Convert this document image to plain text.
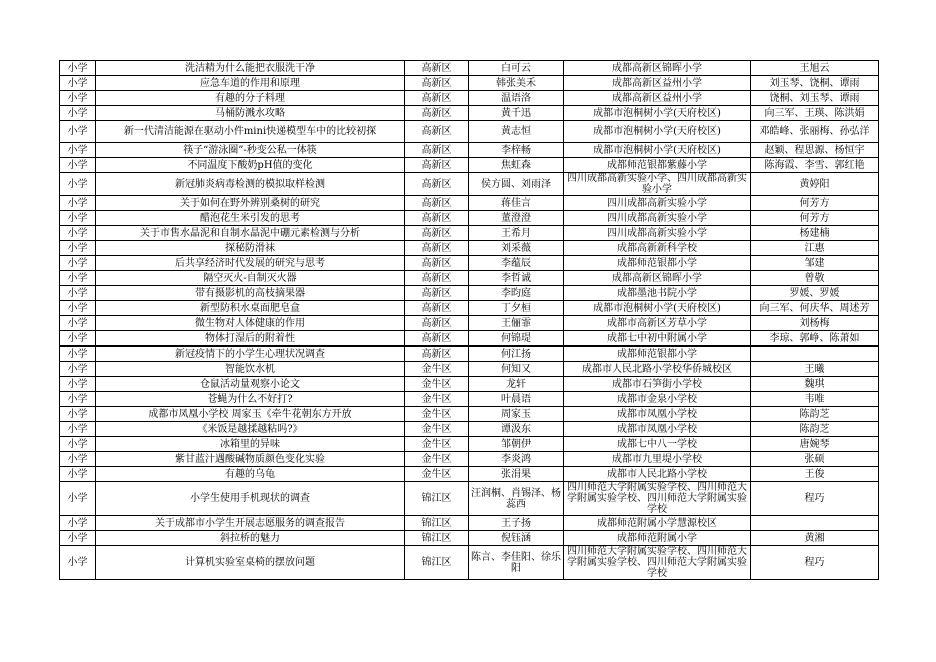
小学	洗洁精为什么能把衣服洗干净	高新区	白可云	成都高新区锦晖小学	王旭云
小学	应急车道的作用和原理	高新区	韩张美禾	成都高新区益州小学	刘玉琴、饶桐、谭雨
小学	有趣的分子料理	高新区	温语洛	成都高新区益州小学	饶桐、刘玉琴、谭雨
小学	马桶防溅水攻略	高新区	黄千迅	成都市泡桐树小学(天府校区)	向三军、王瑛、陈洪娟
小学	新一代清洁能源在驱动小件mini快递模型车中的比较初探	高新区	黄志恒	成都市泡桐树小学(天府校区)	邓皓峰、张丽梅、孙弘洋
小学	筷子“游泳圈”-秒变公私一体筷	高新区	李梓畅	成都市泡桐树小学(天府校区)	赵颖、程思源、杨恒宇
小学	不同温度下酸奶pH值的变化	高新区	焦虹森	成都师范银都紫藤小学	陈海霞、李雪、郭红艳
小学	新冠肺炎病毒检测的模拟取样检测	高新区	侯方圆、刘雨泽	四川成都高新实验小学、四川成都高新实验小学	黄婷阳
小学	关于如何在野外辨别桑树的研究	高新区	蒋佳言	四川成都高新实验小学	何芳方
小学	醋泡花生米引发的思考	高新区	董澄澄	四川成都高新实验小学	何芳方
小学	关于市售水晶泥和自制水晶泥中硼元素检测与分析	高新区	王希月	四川成都高新实验小学	杨建楠
小学	探秘防滑袜	高新区	刘采薇	成都高新新科学校	江惠
小学	后共享经济时代发展的研究与思考	高新区	李蕴辰	成都师范银都小学	邹建
小学	隔空灭火-自制灭火器	高新区	李哲诚	成都高新区锦晖小学	曾敬
小学	带有摄影机的高枝摘果器	高新区	李昀庭	成都墨池书院小学	罗媛、罗媛
小学	新型防积水桌面肥皂盒	高新区	丁夕桓	成都市泡桐树小学(天府校区)	向三军、何庆华、周述芳
小学	微生物对人体健康的作用	高新区	王俪霏	成都市高新区芳草小学	刘杨梅
小学	物体打湿后的附着性	高新区	何锦瑅	成都七中初中附属小学	李琼、郭峥、陈萧如
小学	新冠疫情下的小学生心理状况调查	高新区	何江扬	成都师范银都小学	
小学	智能饮水机	金牛区	何知又	成都市人民北路小学校华侨城校区	王曦
小学	仓鼠活动量观察小论文	金牛区	龙轩	成都市石笋街小学校	魏琪
小学	苍蝇为什么不好打?	金牛区	叶晨语	成都市金泉小学校	韦唯
小学	成都市凤凰小学校 周家玉《牵牛花朝东方开放	金牛区	周家玉	成都市凤凰小学校	陈韵芝
小学	《米饭是越揉越粘吗?》	金牛区	谭汲东	成都市凤凰小学校	陈韵芝
小学	冰箱里的异味	金牛区	邹朝伊	成都七中八一学校	唐婉琴
小学	紫甘蓝汁遇酸碱物质颜色变化实验	金牛区	李炎鸿	成都市九里堤小学校	张硕
小学	有趣的乌龟	金牛区	张涓果	成都市人民北路小学校	王俊
小学	小学生使用手机现状的调查	锦江区	汪润桐、肖锡泽、杨蕊西	四川师范大学附属实验学校、四川师范大学附属实验学校、四川师范大学附属实验学校	程巧
小学	关于成都市小学生开展志愿服务的调查报告	锦江区	王子扬	成都师范附属小学慧源校区	
小学	斜拉桥的魅力	锦江区	倪钰涵	成都师范附属小学	黄湘
小学	计算机实验室桌椅的摆放问题	锦江区	陈言、李佳阳、徐乐阳	四川师范大学附属实验学校、四川师范大学附属实验学校、四川师范大学附属实验学校	程巧
